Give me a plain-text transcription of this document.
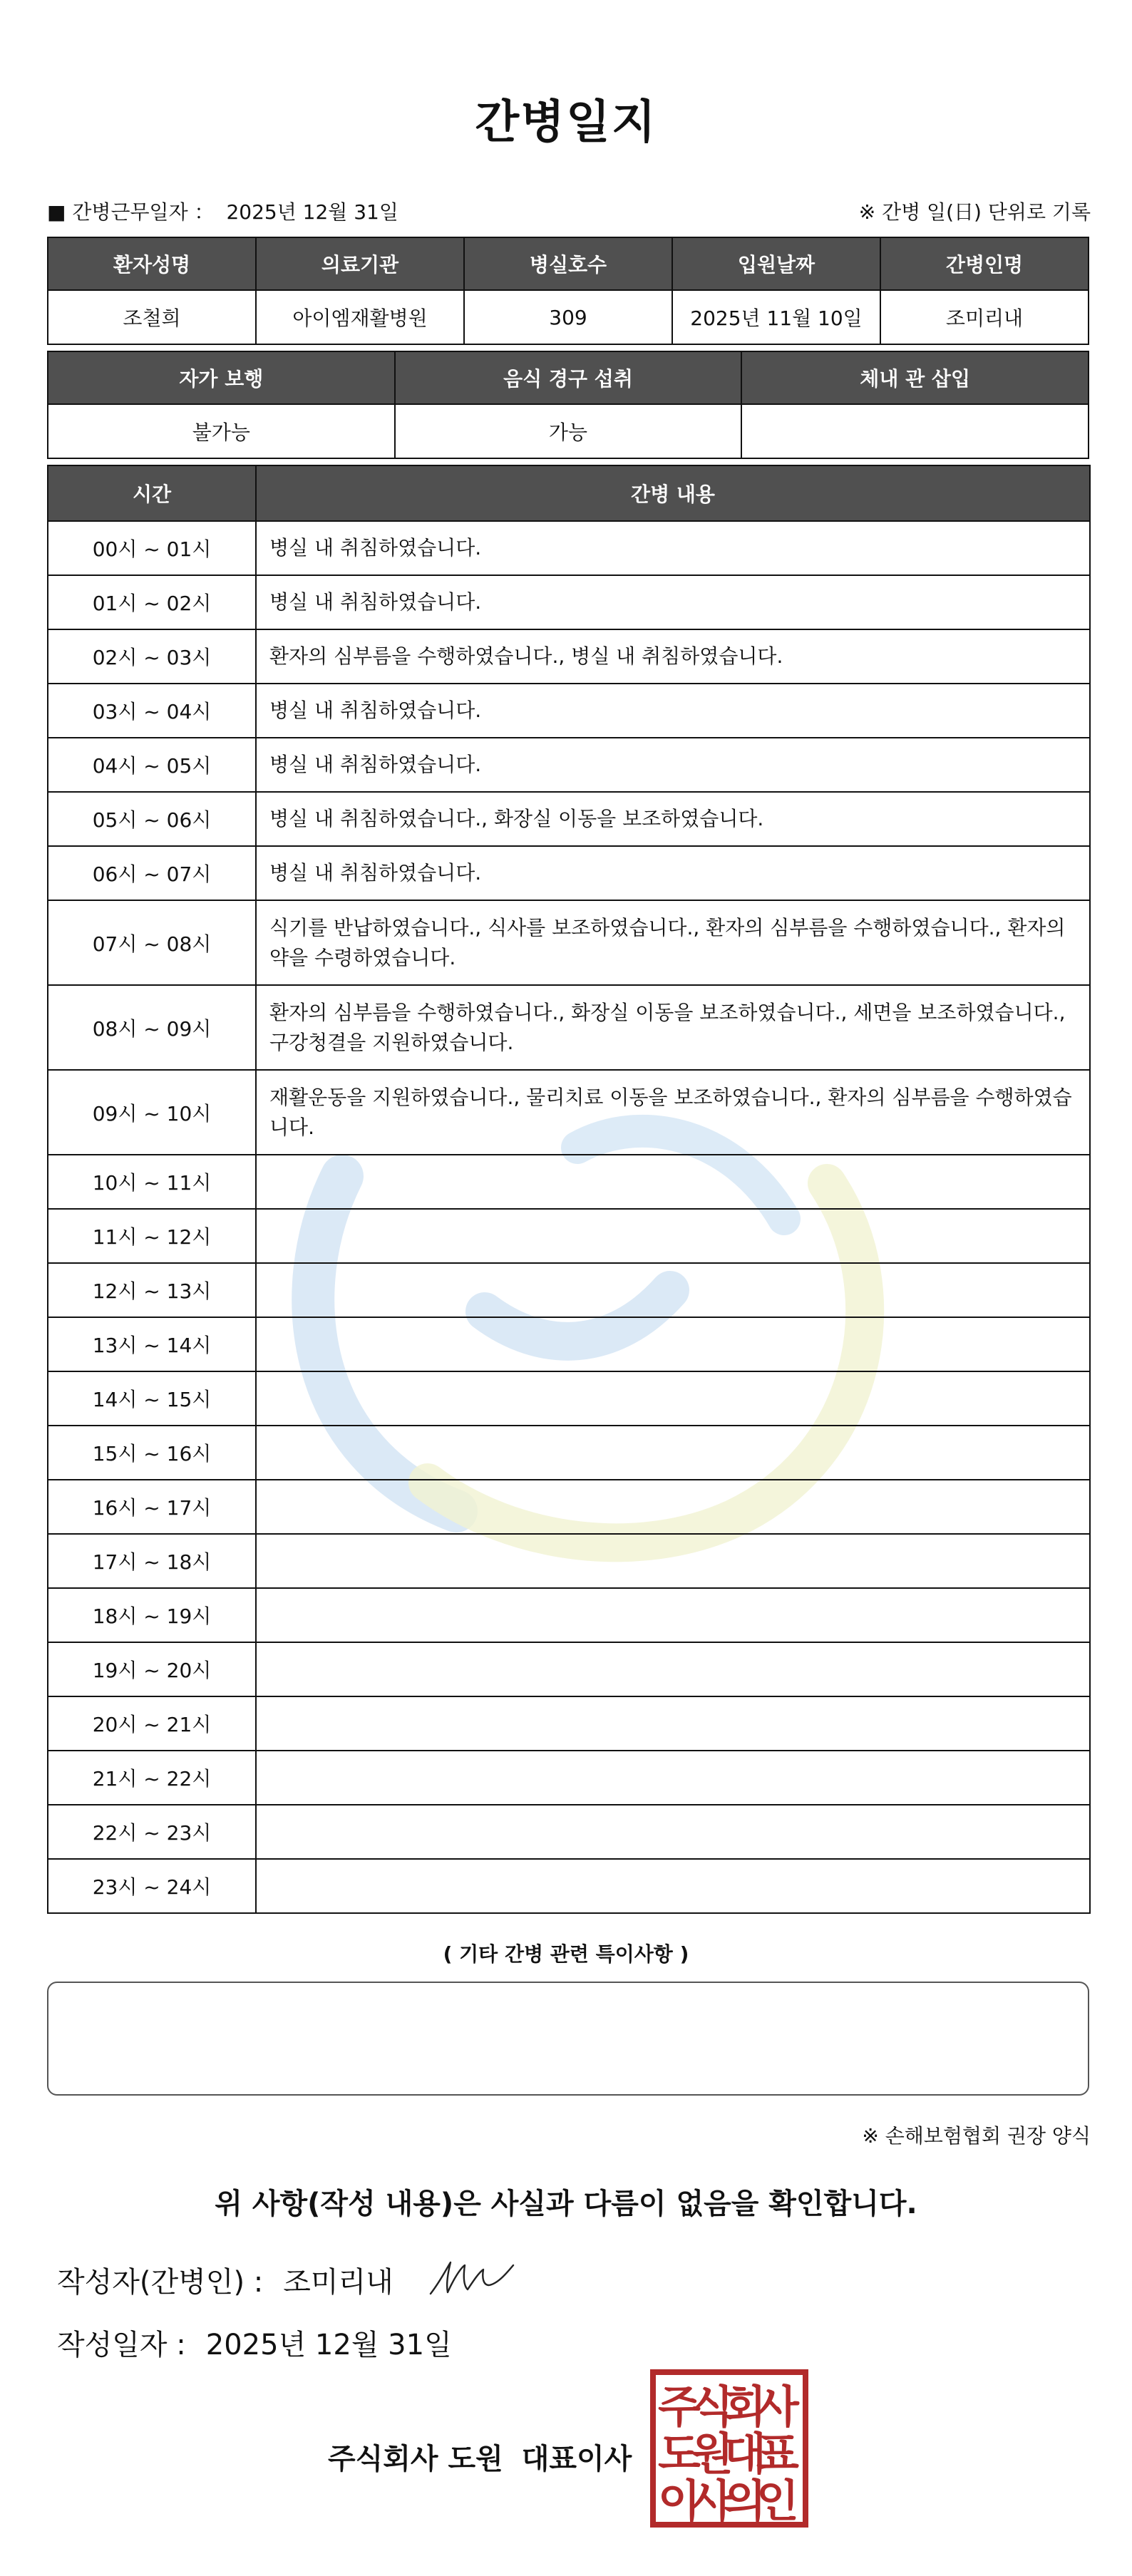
간병일지
■ 간병근무일자 ： 2025년 12월 31일	※ 간병 일(日) 단위로 기록
환자성명	의료기관	병실호수	입원날짜	간병인명
조철희	아이엠재활병원	309	2025년 11월 10일	조미리내
자가 보행	음식 경구 섭취	체내 관 삽입
불가능	가능	
시간	간병 내용
00시 ~ 01시	병실 내 취침하였습니다.
01시 ~ 02시	병실 내 취침하였습니다.
02시 ~ 03시	환자의 심부름을 수행하였습니다., 병실 내 취침하였습니다.
03시 ~ 04시	병실 내 취침하였습니다.
04시 ~ 05시	병실 내 취침하였습니다.
05시 ~ 06시	병실 내 취침하였습니다., 화장실 이동을 보조하였습니다.
06시 ~ 07시	병실 내 취침하였습니다.
07시 ~ 08시	식기를 반납하였습니다., 식사를 보조하였습니다., 환자의 심부름을 수행하였습니다., 환자의 약을 수령하였습니다.
08시 ~ 09시	환자의 심부름을 수행하였습니다., 화장실 이동을 보조하였습니다., 세면을 보조하였습니다., 구강청결을 지원하였습니다.
09시 ~ 10시	재활운동을 지원하였습니다., 물리치료 이동을 보조하였습니다., 환자의 심부름을 수행하였습니다.
10시 ~ 11시	
11시 ~ 12시	
12시 ~ 13시	
13시 ~ 14시	
14시 ~ 15시	
15시 ~ 16시	
16시 ~ 17시	
17시 ~ 18시	
18시 ~ 19시	
19시 ~ 20시	
20시 ~ 21시	
21시 ~ 22시	
22시 ~ 23시	
23시 ~ 24시	
( 기타 간병 관련 특이사항 )
※ 손해보험협회 권장 양식
위 사항(작성 내용)은 사실과 다름이 없음을 확인합니다.
작성자(간병인) : 조미리내
작성일자 : 2025년 12월 31일
주식회사 도원 대표이사
주
식
회
사
도
원
대
표
이
사
의
인
